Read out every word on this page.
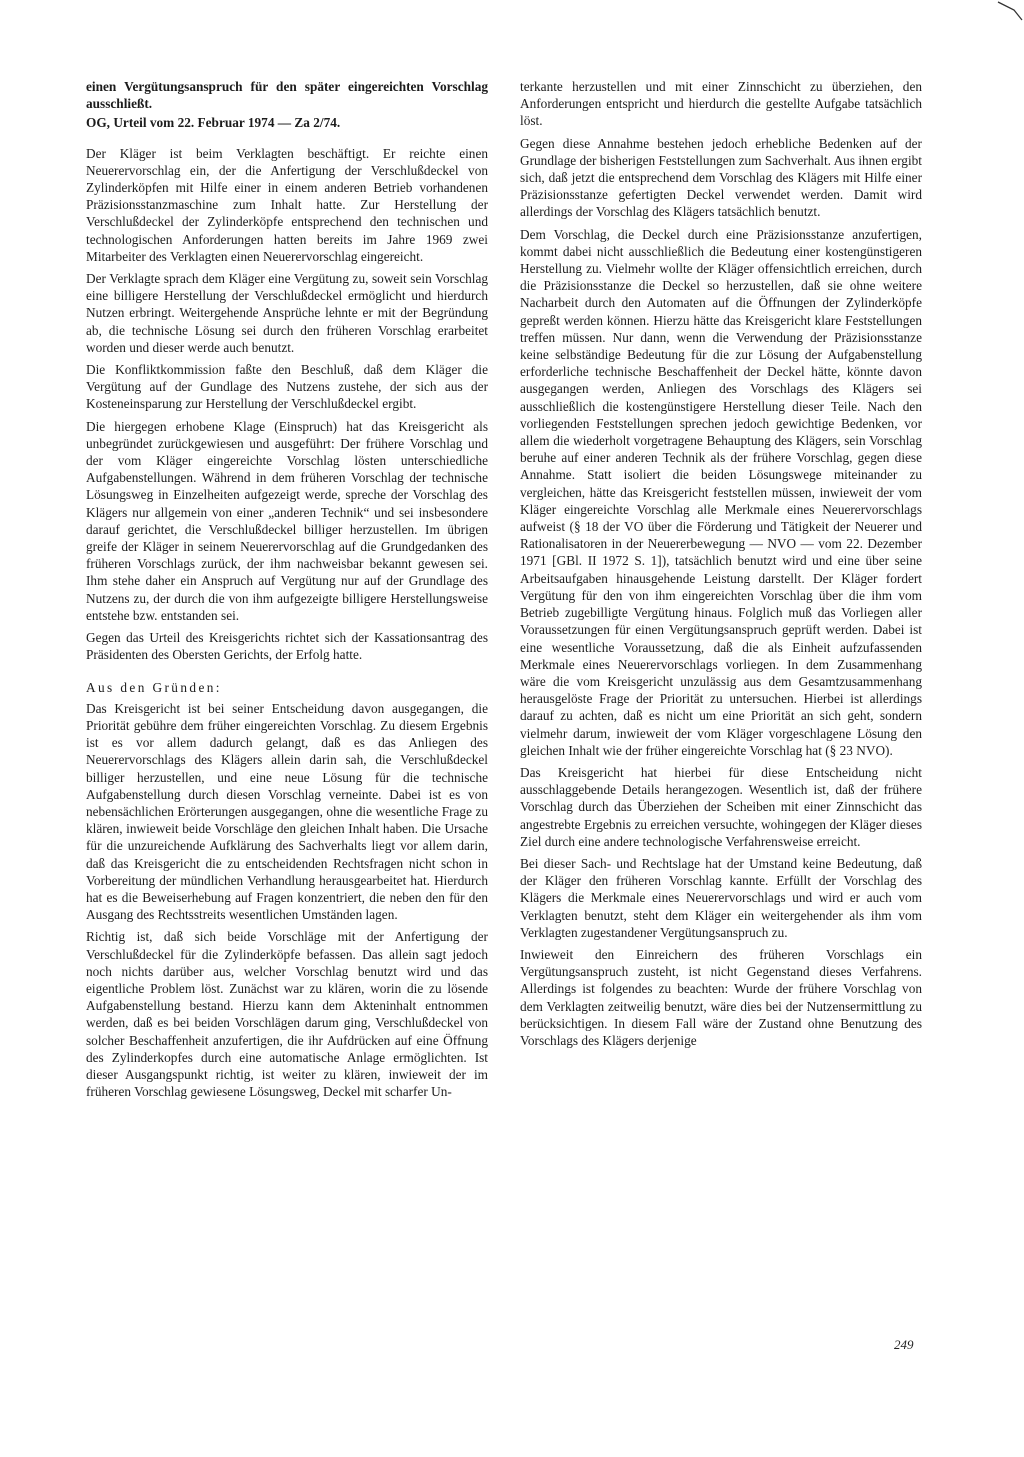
einen Vergütungsanspruch für den später eingereichten Vorschlag ausschließt.

OG, Urteil vom 22. Februar 1974 — Za 2/74.

Der Kläger ist beim Verklagten beschäftigt. Er reichte einen Neuerervorschlag ein, der die Anfertigung der Verschlußdeckel von Zylinderköpfen mit Hilfe einer in einem anderen Betrieb vorhandenen Präzisionsstanzmaschine zum Inhalt hatte. Zur Herstellung der Verschlußdeckel der Zylinderköpfe entsprechend den technischen und technologischen Anforderungen hatten bereits im Jahre 1969 zwei Mitarbeiter des Verklagten einen Neuerervorschlag eingereicht.

Der Verklagte sprach dem Kläger eine Vergütung zu, soweit sein Vorschlag eine billigere Herstellung der Verschlußdeckel ermöglicht und hierdurch Nutzen erbringt. Weitergehende Ansprüche lehnte er mit der Begründung ab, die technische Lösung sei durch den früheren Vorschlag erarbeitet worden und dieser werde auch benutzt.

Die Konfliktkommission faßte den Beschluß, daß dem Kläger die Vergütung auf der Gundlage des Nutzens zustehe, der sich aus der Kosteneinsparung zur Herstellung der Verschlußdeckel ergibt.

Die hiergegen erhobene Klage (Einspruch) hat das Kreisgericht als unbegründet zurückgewiesen und ausgeführt: Der frühere Vorschlag und der vom Kläger eingereichte Vorschlag lösten unterschiedliche Aufgabenstellungen. Während in dem früheren Vorschlag der technische Lösungsweg in Einzelheiten aufgezeigt werde, spreche der Vorschlag des Klägers nur allgemein von einer „anderen Technik“ und sei insbesondere darauf gerichtet, die Verschlußdeckel billiger herzustellen. Im übrigen greife der Kläger in seinem Neuerervorschlag auf die Grundgedanken des früheren Vorschlags zurück, der ihm nachweisbar bekannt gewesen sei. Ihm stehe daher ein Anspruch auf Vergütung nur auf der Grundlage des Nutzens zu, der durch die von ihm aufgezeigte billigere Herstellungsweise entstehe bzw. entstanden sei.

Gegen das Urteil des Kreisgerichts richtet sich der Kassationsantrag des Präsidenten des Obersten Gerichts, der Erfolg hatte.

Aus den Gründen:

Das Kreisgericht ist bei seiner Entscheidung davon ausgegangen, die Priorität gebühre dem früher eingereichten Vorschlag. Zu diesem Ergebnis ist es vor allem dadurch gelangt, daß es das Anliegen des Neuerervorschlags des Klägers allein darin sah, die Verschlußdeckel billiger herzustellen, und eine neue Lösung für die technische Aufgabenstellung durch diesen Vorschlag verneinte. Dabei ist es von nebensächlichen Erörterungen ausgegangen, ohne die wesentliche Frage zu klären, inwieweit beide Vorschläge den gleichen Inhalt haben. Die Ursache für die unzureichende Aufklärung des Sachverhalts liegt vor allem darin, daß das Kreisgericht die zu entscheidenden Rechtsfragen nicht schon in Vorbereitung der mündlichen Verhandlung herausgearbeitet hat. Hierdurch hat es die Beweiserhebung auf Fragen konzentriert, die neben den für den Ausgang des Rechtsstreits wesentlichen Umständen lagen.

Richtig ist, daß sich beide Vorschläge mit der Anfertigung der Verschlußdeckel für die Zylinderköpfe befassen. Das allein sagt jedoch noch nichts darüber aus, welcher Vorschlag benutzt wird und das eigentliche Problem löst. Zunächst war zu klären, worin die zu lösende Aufgabenstellung bestand. Hierzu kann dem Akteninhalt entnommen werden, daß es bei beiden Vorschlägen darum ging, Verschlußdeckel von solcher Beschaffenheit anzufertigen, die ihr Aufdrücken auf eine Öffnung des Zylinderkopfes durch eine automatische Anlage ermöglichten. Ist dieser Ausgangspunkt richtig, ist weiter zu klären, inwieweit der im früheren Vorschlag gewiesene Lösungsweg, Deckel mit scharfer Un-

terkante herzustellen und mit einer Zinnschicht zu überziehen, den Anforderungen entspricht und hierdurch die gestellte Aufgabe tatsächlich löst.

Gegen diese Annahme bestehen jedoch erhebliche Bedenken auf der Grundlage der bisherigen Feststellungen zum Sachverhalt. Aus ihnen ergibt sich, daß jetzt die entsprechend dem Vorschlag des Klägers mit Hilfe einer Präzisionsstanze gefertigten Deckel verwendet werden. Damit wird allerdings der Vorschlag des Klägers tatsächlich benutzt.

Dem Vorschlag, die Deckel durch eine Präzisionsstanze anzufertigen, kommt dabei nicht ausschließlich die Bedeutung einer kostengünstigeren Herstellung zu. Vielmehr wollte der Kläger offensichtlich erreichen, durch die Präzisionsstanze die Deckel so herzustellen, daß sie ohne weitere Nacharbeit durch den Automaten auf die Öffnungen der Zylinderköpfe gepreßt werden können. Hierzu hätte das Kreisgericht klare Feststellungen treffen müssen. Nur dann, wenn die Verwendung der Präzisionsstanze keine selbständige Bedeutung für die zur Lösung der Aufgabenstellung erforderliche technische Beschaffenheit der Deckel hätte, könnte davon ausgegangen werden, Anliegen des Vorschlags des Klägers sei ausschließlich die kostengünstigere Herstellung dieser Teile. Nach den vorliegenden Feststellungen sprechen jedoch gewichtige Bedenken, vor allem die wiederholt vorgetragene Behauptung des Klägers, sein Vorschlag beruhe auf einer anderen Technik als der frühere Vorschlag, gegen diese Annahme. Statt isoliert die beiden Lösungswege miteinander zu vergleichen, hätte das Kreisgericht feststellen müssen, inwieweit der vom Kläger eingereichte Vorschlag alle Merkmale eines Neuerervorschlags aufweist (§ 18 der VO über die Förderung und Tätigkeit der Neuerer und Rationalisatoren in der Neuererbewegung — NVO — vom 22. Dezember 1971 [GBl. II 1972 S. 1]), tatsächlich benutzt wird und eine über seine Arbeitsaufgaben hinausgehende Leistung darstellt. Der Kläger fordert Vergütung für den von ihm eingereichten Vorschlag über die ihm vom Betrieb zugebilligte Vergütung hinaus. Folglich muß das Vorliegen aller Voraussetzungen für einen Vergütungsanspruch geprüft werden. Dabei ist eine wesentliche Voraussetzung, daß die als Einheit aufzufassenden Merkmale eines Neuerervorschlags vorliegen. In dem Zusammenhang wäre die vom Kreisgericht unzulässig aus dem Gesamtzusammenhang herausgelöste Frage der Priorität zu untersuchen. Hierbei ist allerdings darauf zu achten, daß es nicht um eine Priorität an sich geht, sondern vielmehr darum, inwieweit der vom Kläger vorgeschlagene Lösung den gleichen Inhalt wie der früher eingereichte Vorschlag hat (§ 23 NVO).

Das Kreisgericht hat hierbei für diese Entscheidung nicht ausschlaggebende Details herangezogen. Wesentlich ist, daß der frühere Vorschlag durch das Überziehen der Scheiben mit einer Zinnschicht das angestrebte Ergebnis zu erreichen versuchte, wohingegen der Kläger dieses Ziel durch eine andere technologische Verfahrensweise erreicht.

Bei dieser Sach- und Rechtslage hat der Umstand keine Bedeutung, daß der Kläger den früheren Vorschlag kannte. Erfüllt der Vorschlag des Klägers die Merkmale eines Neuerervorschlags und wird er auch vom Verklagten benutzt, steht dem Kläger ein weitergehender als ihm vom Verklagten zugestandener Vergütungsanspruch zu.

Inwieweit den Einreichern des früheren Vorschlags ein Vergütungsanspruch zusteht, ist nicht Gegenstand dieses Verfahrens. Allerdings ist folgendes zu beachten: Wurde der frühere Vorschlag von dem Verklagten zeitweilig benutzt, wäre dies bei der Nutzensermittlung zu berücksichtigen. In diesem Fall wäre der Zustand ohne Benutzung des Vorschlags des Klägers derjenige

249
